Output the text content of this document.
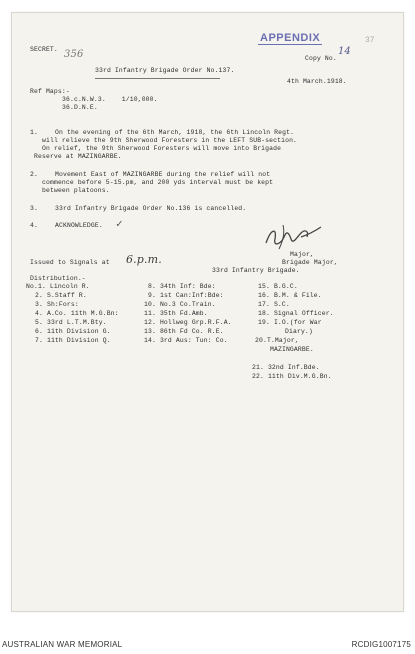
APPENDIX
14
37
SECRET. 356	Copy No.
33rd Infantry Brigade Order No.137.
4th March.1918.
Ref Maps:-
36.c.N.W.3.    1/10,000.
36.D.N.E.
1.	On the evening of the 6th March, 1918, the 6th Lincoln Regt.
will relieve the 9th Sherwood Foresters in the LEFT SUB-section.
On relief, the 9th Sherwood Foresters will move into Brigade
Reserve at MAZINGARBE.
2.	Movement East of MAZINGARBE during the relief will not
commence before 5-15.pm, and 200 yds interval must be kept
between platoons.
3.	33rd Infantry Brigade Order No.136 is cancelled.
4.	ACKNOWLEDGE. ✓
Major,
Brigade Major,
33rd Infantry Brigade.
Issued to Signals at 6.p.m.
Distribution.-
No.1. Lincoln R.
2. S.Staff R.
3. Sh:Fors:
4. A.Co. 11th M.G.Bn:
5. 33rd L.T.M.Bty.
6. 11th Division G.
7. 11th Division Q.
8. 34th Inf: Bde:
9. 1st Can:Inf:Bde:
10. No.3 Co.Train.
11. 35th Fd.Amb.
12. Hollweg Grp.R.F.A.
13. 86th Fd Co. R.E.
14. 3rd Aus: Tun: Co.
15. B.G.C.
16. B.M. & File.
17. S.C.
18. Signal Officer.
19. I.O.(for War
Diary.)
20.T.Major,
MAZINGARBE.
21. 32nd Inf.Bde.
22. 11th Div.M.G.Bn.
AUSTRALIAN WAR MEMORIAL	RCDIG1007175
